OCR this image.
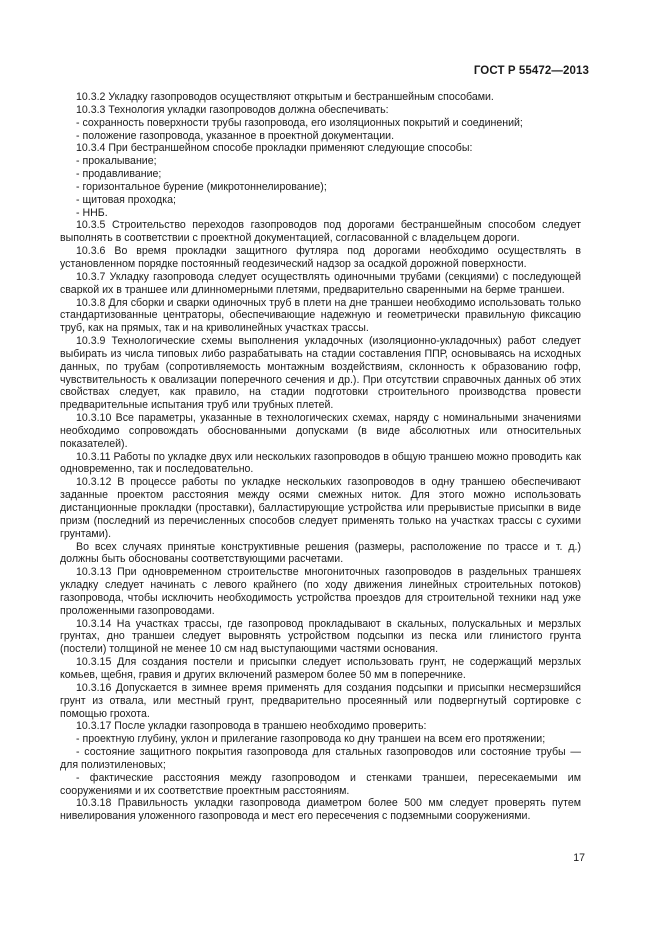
ГОСТ Р 55472—2013

10.3.2 Укладку газопроводов осуществляют открытым и бестраншейным способами.

10.3.3 Технология укладки газопроводов должна обеспечивать:

- сохранность поверхности трубы газопровода, его изоляционных покрытий и соединений;

- положение газопровода, указанное в проектной документации.

10.3.4 При бестраншейном способе прокладки применяют следующие способы:

- прокалывание;

- продавливание;

- горизонтальное бурение (микротоннелирование);

- щитовая проходка;

- ННБ.

10.3.5 Строительство переходов газопроводов под дорогами бестраншейным способом следует выполнять в соответствии с проектной документацией, согласованной с владельцем дороги.

10.3.6 Во время прокладки защитного футляра под дорогами необходимо осуществлять в установленном порядке постоянный геодезический надзор за осадкой дорожной поверхности.

10.3.7 Укладку газопровода следует осуществлять одиночными трубами (секциями) с последующей сваркой их в траншее или длинномерными плетями, предварительно сваренными на берме траншеи.

10.3.8 Для сборки и сварки одиночных труб в плети на дне траншеи необходимо использовать только стандартизованные центраторы, обеспечивающие надежную и геометрически правильную фиксацию труб, как на прямых, так и на криволинейных участках трассы.

10.3.9 Технологические схемы выполнения укладочных (изоляционно-укладочных) работ следует выбирать из числа типовых либо разрабатывать на стадии составления ППР, основываясь на исходных данных, по трубам (сопротивляемость монтажным воздействиям, склонность к образованию гофр, чувствительность к овализации поперечного сечения и др.). При отсутствии справочных данных об этих свойствах следует, как правило, на стадии подготовки строительного производства провести предварительные испытания труб или трубных плетей.

10.3.10 Все параметры, указанные в технологических схемах, наряду с номинальными значениями необходимо сопровождать обоснованными допусками (в виде абсолютных или относительных показателей).

10.3.11 Работы по укладке двух или нескольких газопроводов в общую траншею можно проводить как одновременно, так и последовательно.

10.3.12 В процессе работы по укладке нескольких газопроводов в одну траншею обеспечивают заданные проектом расстояния между осями смежных ниток. Для этого можно использовать дистанционные прокладки (проставки), балластирующие устройства или прерывистые присыпки в виде призм (последний из перечисленных способов следует применять только на участках трассы с сухими грунтами).

Во всех случаях принятые конструктивные решения (размеры, расположение по трассе и т. д.) должны быть обоснованы соответствующими расчетами.

10.3.13 При одновременном строительстве многониточных газопроводов в раздельных траншеях укладку следует начинать с левого крайнего (по ходу движения линейных строительных потоков) газопровода, чтобы исключить необходимость устройства проездов для строительной техники над уже проложенными газопроводами.

10.3.14 На участках трассы, где газопровод прокладывают в скальных, полускальных и мерзлых грунтах, дно траншеи следует выровнять устройством подсыпки из песка или глинистого грунта (постели) толщиной не менее 10 см над выступающими частями основания.

10.3.15 Для создания постели и присыпки следует использовать грунт, не содержащий мерзлых комьев, щебня, гравия и других включений размером более 50 мм в поперечнике.

10.3.16 Допускается в зимнее время применять для создания подсыпки и присыпки несмерзшийся грунт из отвала, или местный грунт, предварительно просеянный или подвергнутый сортировке с помощью грохота.

10.3.17 После укладки газопровода в траншею необходимо проверить:

- проектную глубину, уклон и прилегание газопровода ко дну траншеи на всем его протяжении;

- состояние защитного покрытия газопровода для стальных газопроводов или состояние трубы — для полиэтиленовых;

- фактические расстояния между газопроводом и стенками траншеи, пересекаемыми им сооружениями и их соответствие проектным расстояниям.

10.3.18 Правильность укладки газопровода диаметром более 500 мм следует проверять путем нивелирования уложенного газопровода и мест его пересечения с подземными сооружениями.

17
